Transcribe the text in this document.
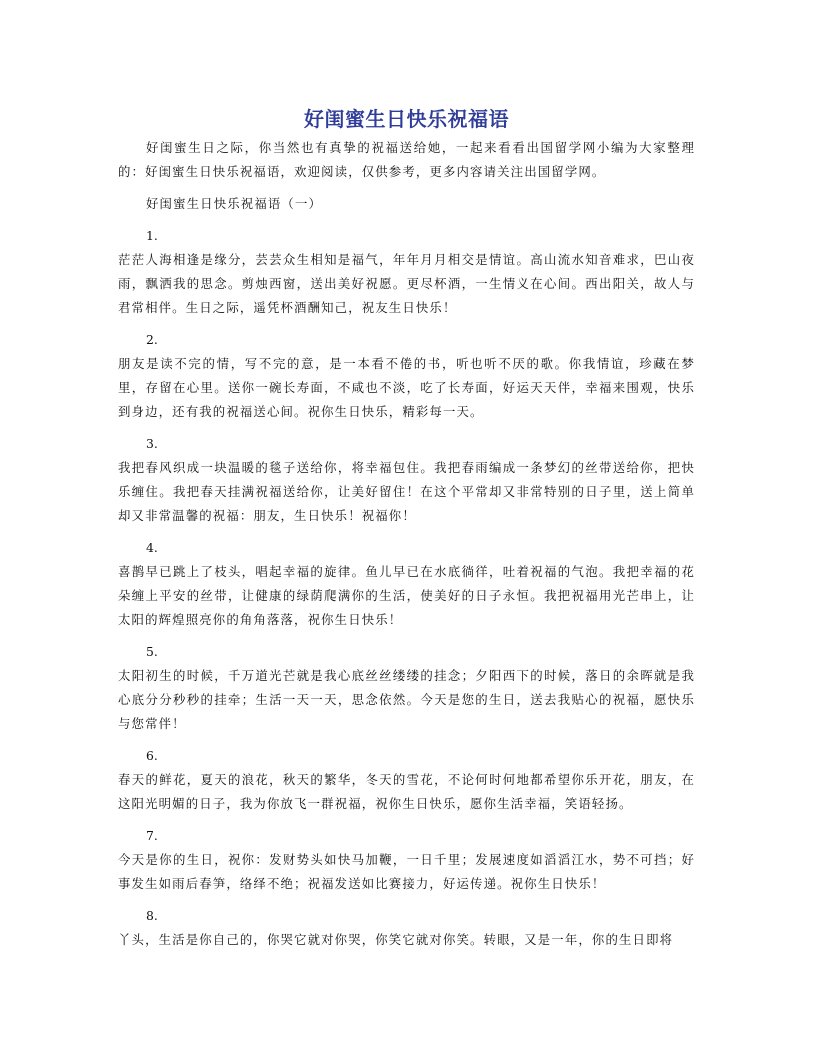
好闺蜜生日快乐祝福语

好闺蜜生日之际，你当然也有真挚的祝福送给她，一起来看看出国留学网小编为大家整理的：好闺蜜生日快乐祝福语，欢迎阅读，仅供参考，更多内容请关注出国留学网。

好闺蜜生日快乐祝福语（一）

1.

茫茫人海相逢是缘分，芸芸众生相知是福气，年年月月相交是情谊。高山流水知音难求，巴山夜雨，飘洒我的思念。剪烛西窗，送出美好祝愿。更尽杯酒，一生情义在心间。西出阳关，故人与君常相伴。生日之际，遥凭杯酒酬知己，祝友生日快乐！

2.

朋友是读不完的情，写不完的意，是一本看不倦的书，听也听不厌的歌。你我情谊，珍藏在梦里，存留在心里。送你一碗长寿面，不咸也不淡，吃了长寿面，好运天天伴，幸福来围观，快乐到身边，还有我的祝福送心间。祝你生日快乐，精彩每一天。

3.

我把春风织成一块温暖的毯子送给你，将幸福包住。我把春雨编成一条梦幻的丝带送给你，把快乐缠住。我把春天挂满祝福送给你，让美好留住！在这个平常却又非常特别的日子里，送上简单却又非常温馨的祝福：朋友，生日快乐！祝福你！

4.

喜鹊早已跳上了枝头，唱起幸福的旋律。鱼儿早已在水底徜徉，吐着祝福的气泡。我把幸福的花朵缠上平安的丝带，让健康的绿荫爬满你的生活，使美好的日子永恒。我把祝福用光芒串上，让太阳的辉煌照亮你的角角落落，祝你生日快乐！

5.

太阳初生的时候，千万道光芒就是我心底丝丝缕缕的挂念；夕阳西下的时候，落日的余晖就是我心底分分秒秒的挂牵；生活一天一天，思念依然。今天是您的生日，送去我贴心的祝福，愿快乐与您常伴！

6.

春天的鲜花，夏天的浪花，秋天的繁华，冬天的雪花，不论何时何地都希望你乐开花，朋友，在这阳光明媚的日子，我为你放飞一群祝福，祝你生日快乐，愿你生活幸福，笑语轻扬。

7.

今天是你的生日，祝你：发财势头如快马加鞭，一日千里；发展速度如滔滔江水，势不可挡；好事发生如雨后春笋，络绎不绝；祝福发送如比赛接力，好运传递。祝你生日快乐！

8.

丫头，生活是你自己的，你哭它就对你哭，你笑它就对你笑。转眼，又是一年，你的生日即将
